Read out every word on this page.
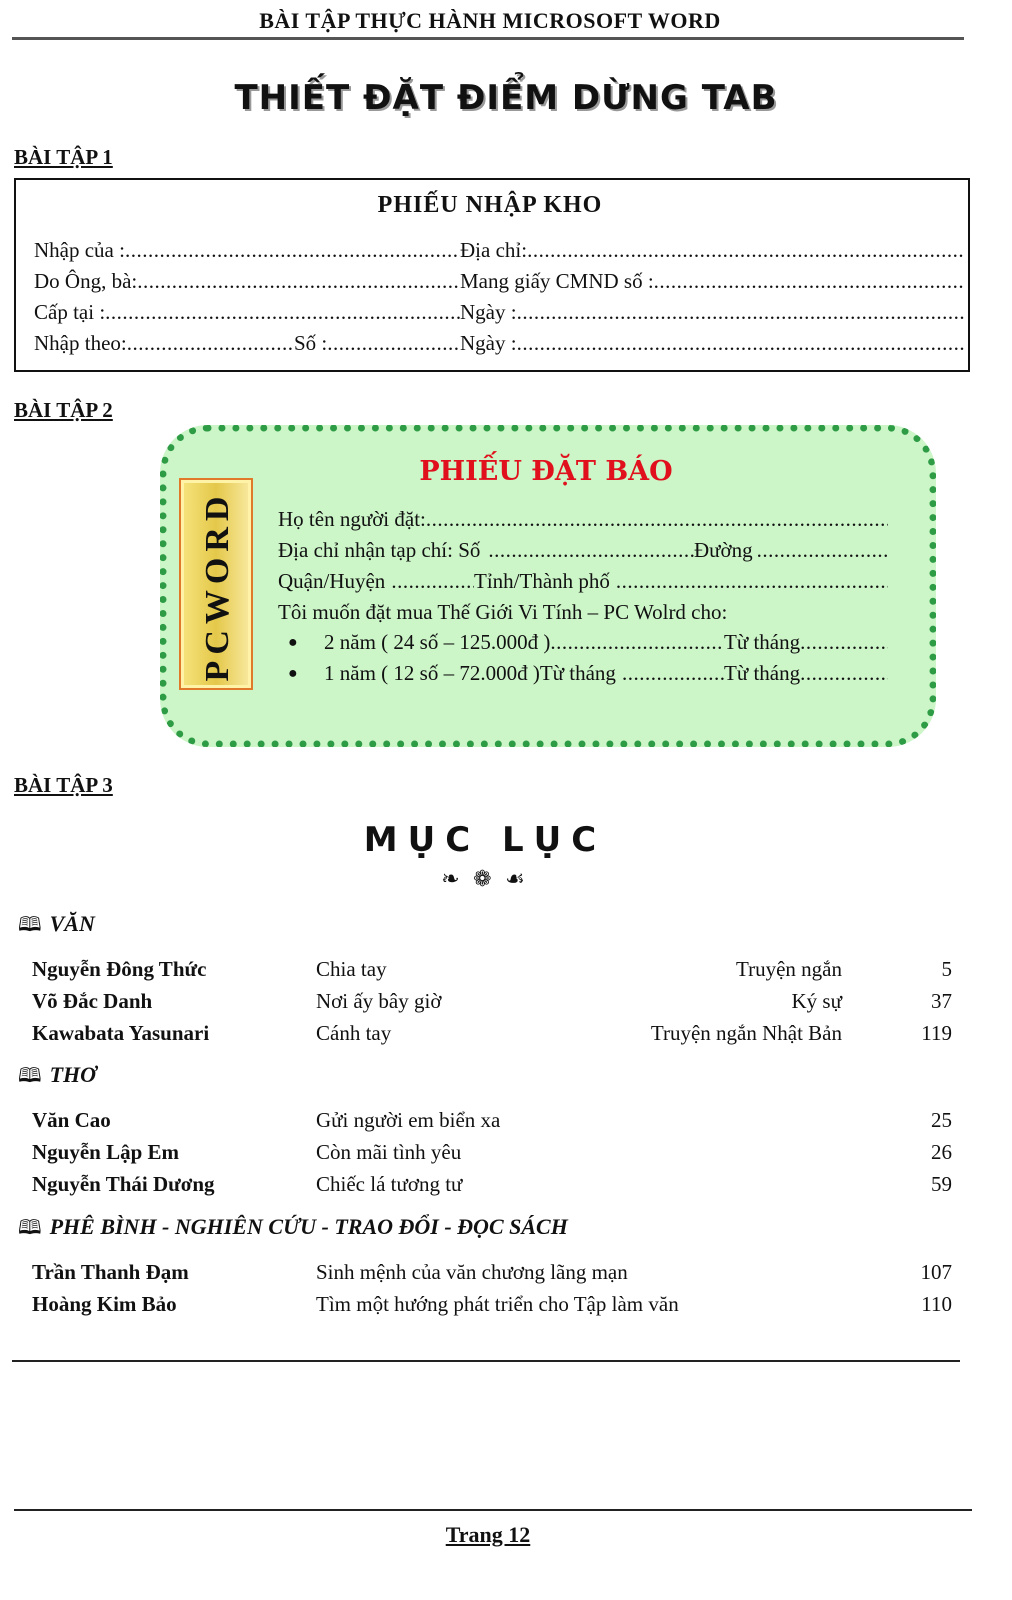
BÀI TẬP THỰC HÀNH MICROSOFT WORD
THIẾT ĐẶT ĐIỂM DỪNG TAB
BÀI TẬP 1
PHIẾU NHẬP KHO
Nhập của : .....	Địa chỉ:
.....
Do Ông, bà: .....	Mang giấy CMND số :
.....
Cấp tại : .....	Ngày :
.....
Nhập theo: .....	Số : .....	Ngày :
.....
BÀI TẬP 2
PCWORD
PHIẾU ĐẶT BÁO
Họ tên người đặt:
.....
Địa chỉ nhận tạp chí: Số .....	Đường
.....
Quận/Huyện .....	Tỉnh/Thành phố
.....
Tôi muốn đặt mua Thế Giới Vi Tính – PC Wolrd cho:
● 2 năm ( 24 số – 125.000đ ) .....	Từ tháng
.....
● 1 năm ( 12 số – 72.000đ )Từ tháng .....	Từ tháng
.....
BÀI TẬP 3
MỤC LỤC
❧ ❁ ☙
🕮 VĂN
Nguyễn Đông Thức	Chia tay	Truyện ngắn	5
Võ Đắc Danh	Nơi ấy bây giờ	Ký sự	37
Kawabata Yasunari	Cánh tay	Truyện ngắn Nhật Bản	119
🕮 THƠ
Văn Cao	Gửi người em biển xa	25
Nguyễn Lập Em	Còn mãi tình yêu	26
Nguyễn Thái Dương	Chiếc lá tương tư	59
🕮 PHÊ BÌNH - NGHIÊN CỨU - TRAO ĐỔI - ĐỌC SÁCH
Trần Thanh Đạm	Sinh mệnh của văn chương lãng mạn	107
Hoàng Kim Bảo	Tìm một hướng phát triển cho Tập làm văn	110
Trang 12
